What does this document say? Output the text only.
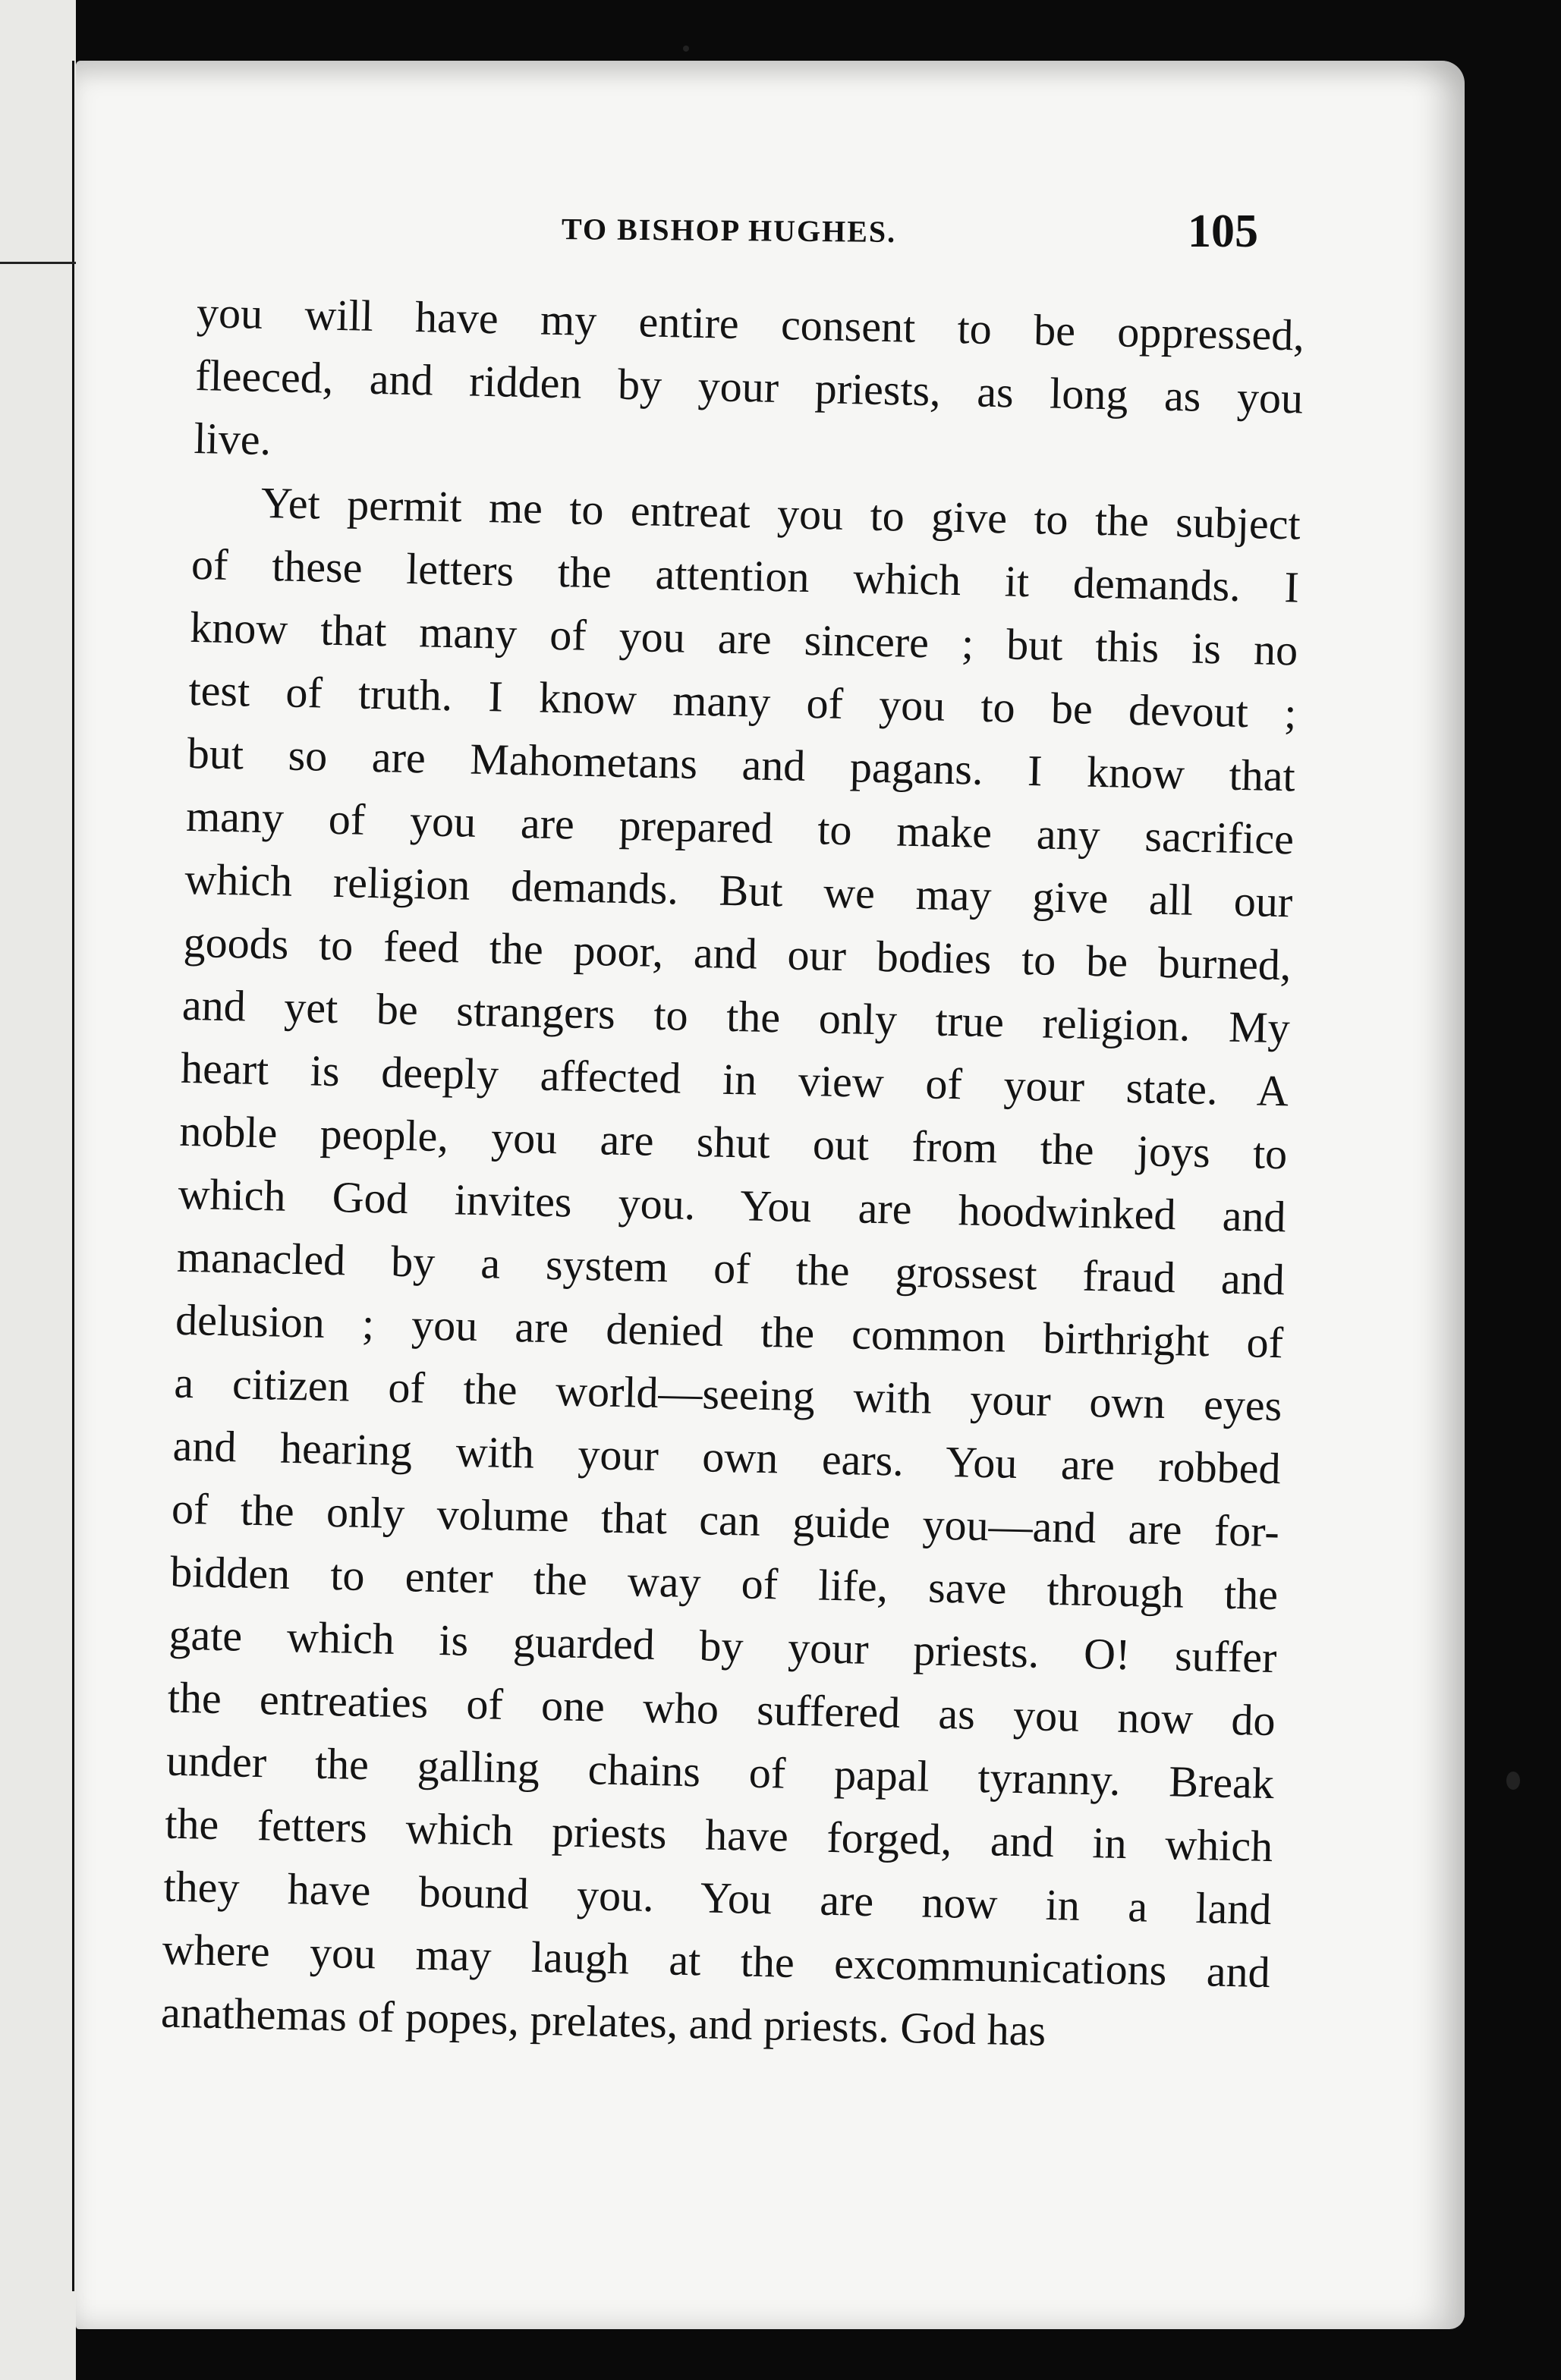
TO BISHOP HUGHES.	105
you will have my entire consent to be oppressed,
fleeced, and ridden by your priests, as long as you
live.
Yet permit me to entreat you to give to the subject
of these letters the attention which it demands. I
know that many of you are sincere ; but this is no
test of truth. I know many of you to be devout ;
but so are Mahometans and pagans. I know that
many of you are prepared to make any sacrifice
which religion demands. But we may give all our
goods to feed the poor, and our bodies to be burned,
and yet be strangers to the only true religion. My
heart is deeply affected in view of your state. A
noble people, you are shut out from the joys to
which God invites you. You are hoodwinked and
manacled by a system of the grossest fraud and
delusion ; you are denied the common birthright of
a citizen of the world—seeing with your own eyes
and hearing with your own ears. You are robbed
of the only volume that can guide you—and are for-
bidden to enter the way of life, save through the
gate which is guarded by your priests. O! suffer
the entreaties of one who suffered as you now do
under the galling chains of papal tyranny. Break
the fetters which priests have forged, and in which
they have bound you. You are now in a land
where you may laugh at the excommunications and
anathemas of popes, prelates, and priests. God has
